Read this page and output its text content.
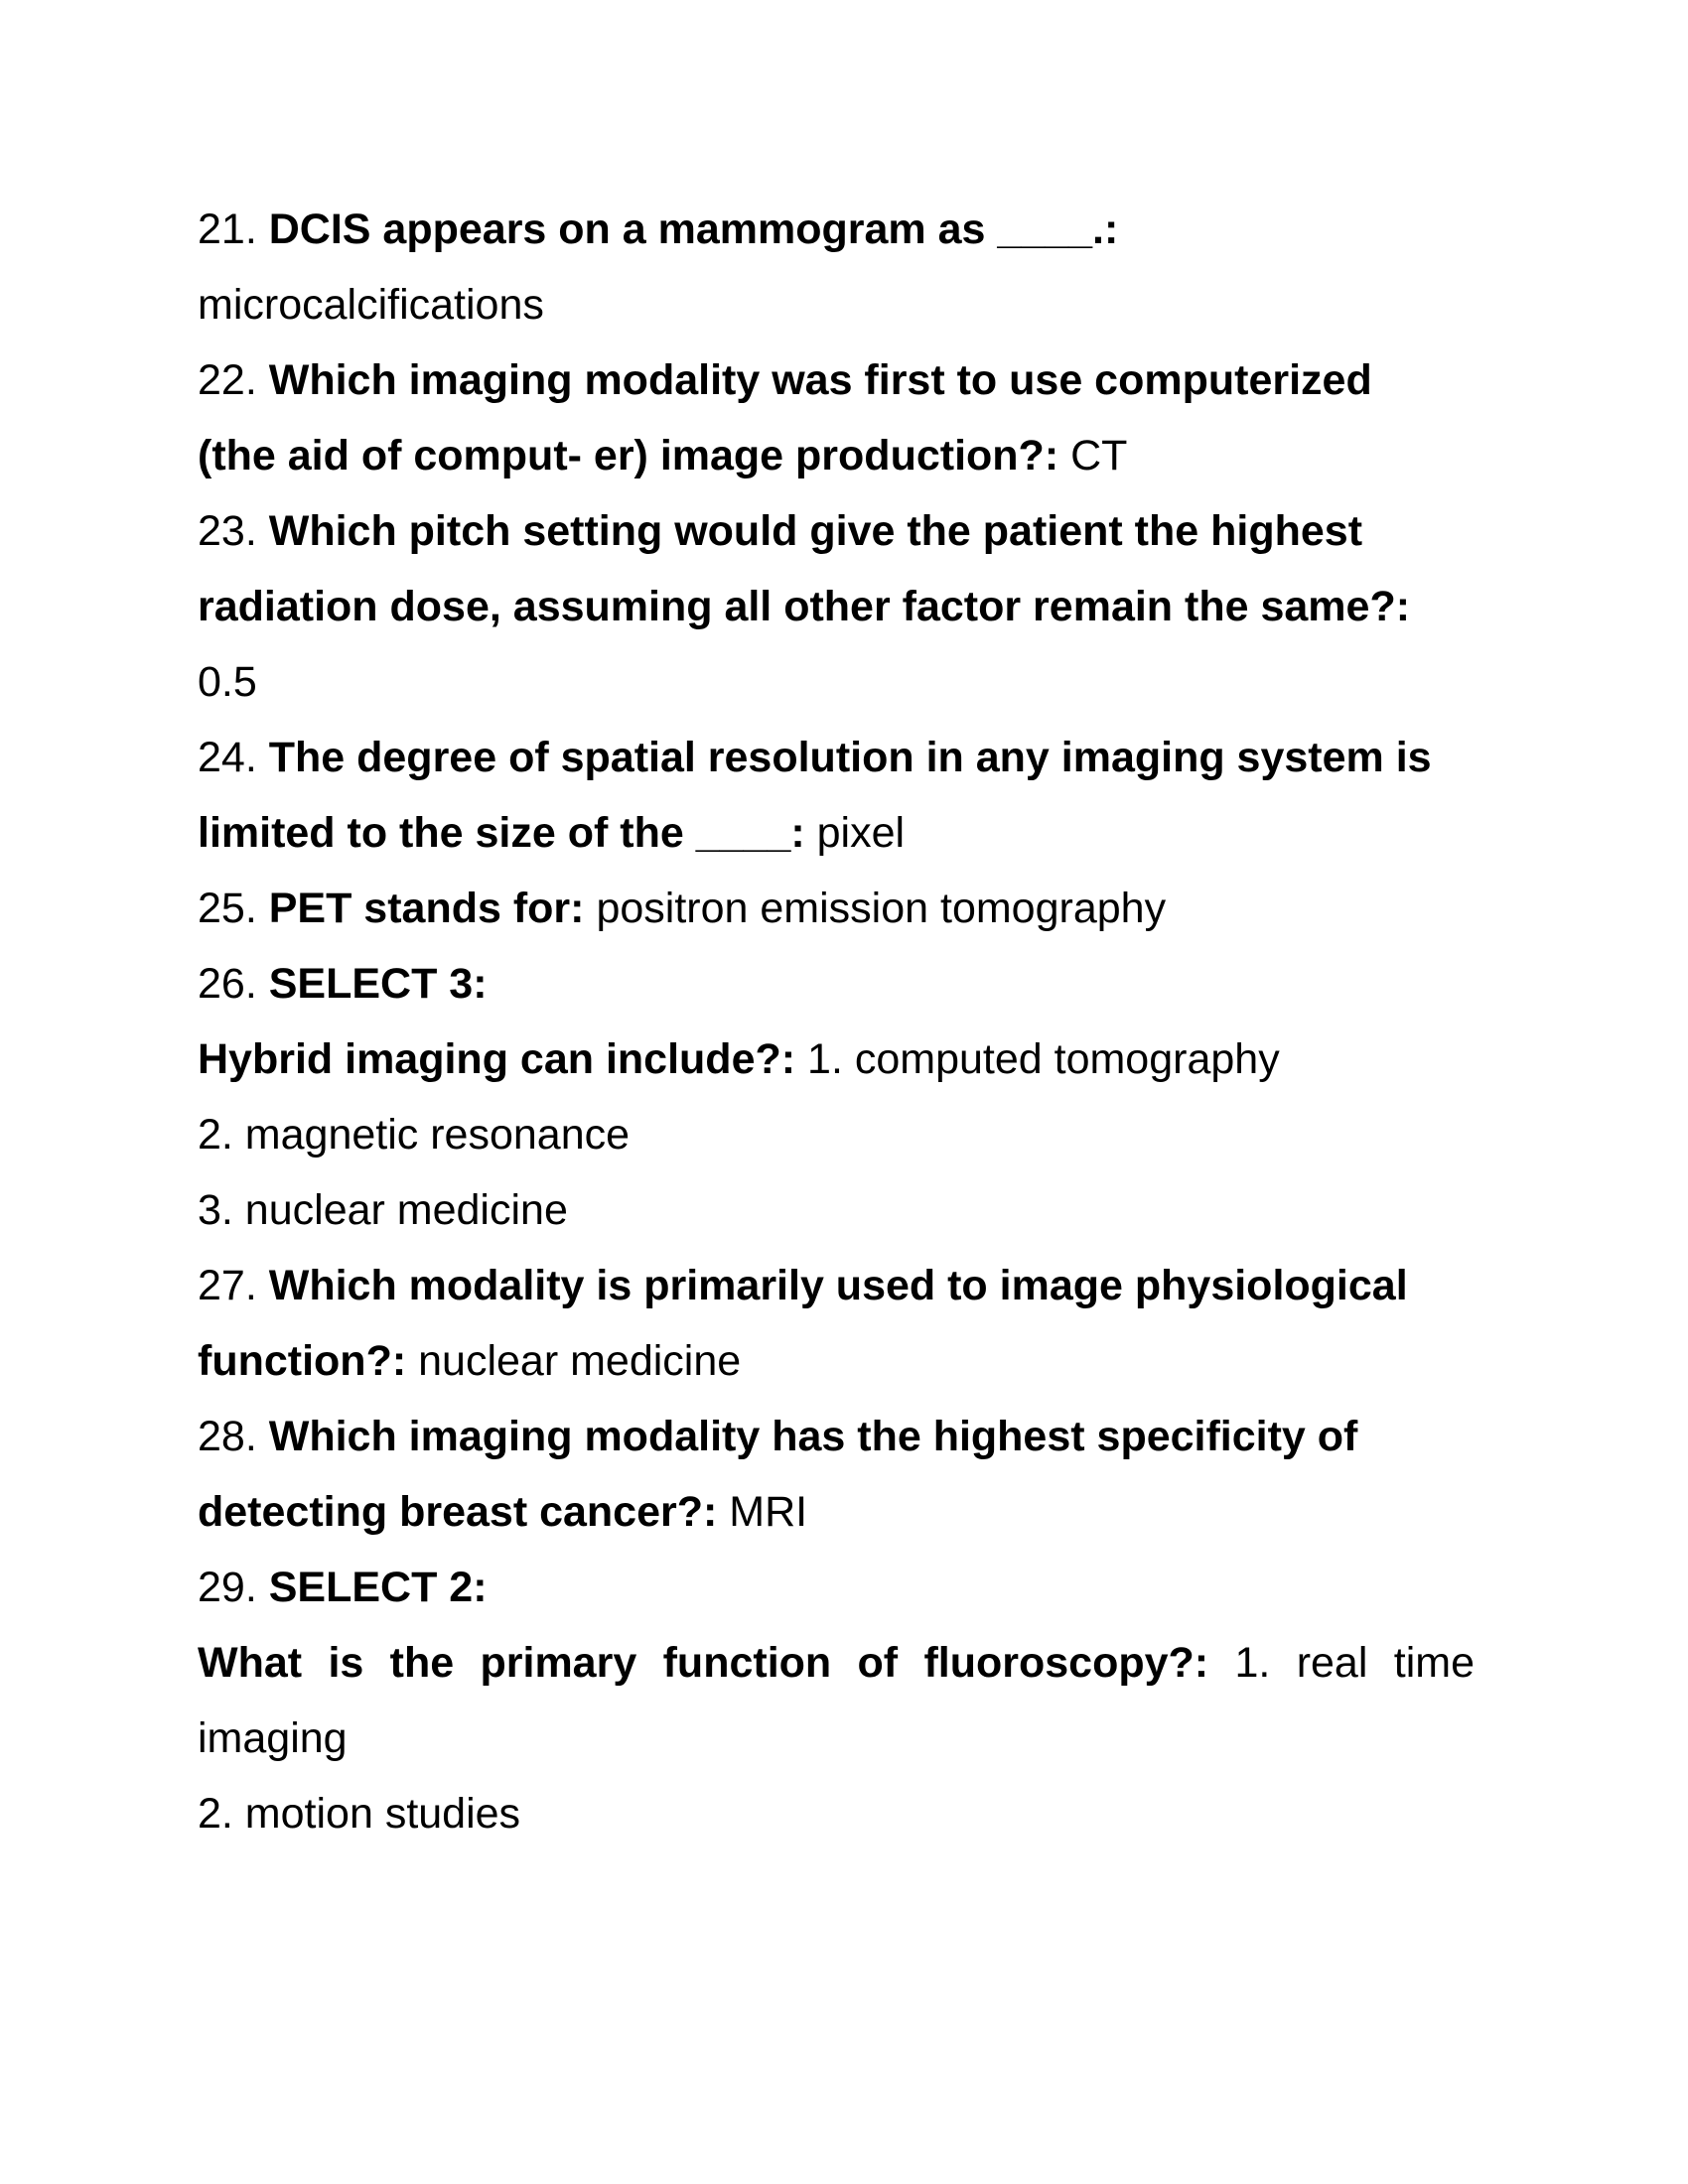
21. DCIS appears on a mammogram as ____.:
microcalcifications
22. Which imaging modality was first to use computerized
(the aid of comput- er) image production?: CT
23. Which pitch setting would give the patient the highest
radiation dose, assuming all other factor remain the same?:
0.5
24. The degree of spatial resolution in any imaging system is
limited to the size of the ____: pixel
25. PET stands for: positron emission tomography
26. SELECT 3:
Hybrid imaging can include?: 1. computed tomography
2. magnetic resonance
3. nuclear medicine
27. Which modality is primarily used to image physiological
function?: nuclear medicine
28. Which imaging modality has the highest specificity of
detecting breast cancer?: MRI
29. SELECT 2:
What is the primary function of fluoroscopy?: 1. real time imaging
2. motion studies
